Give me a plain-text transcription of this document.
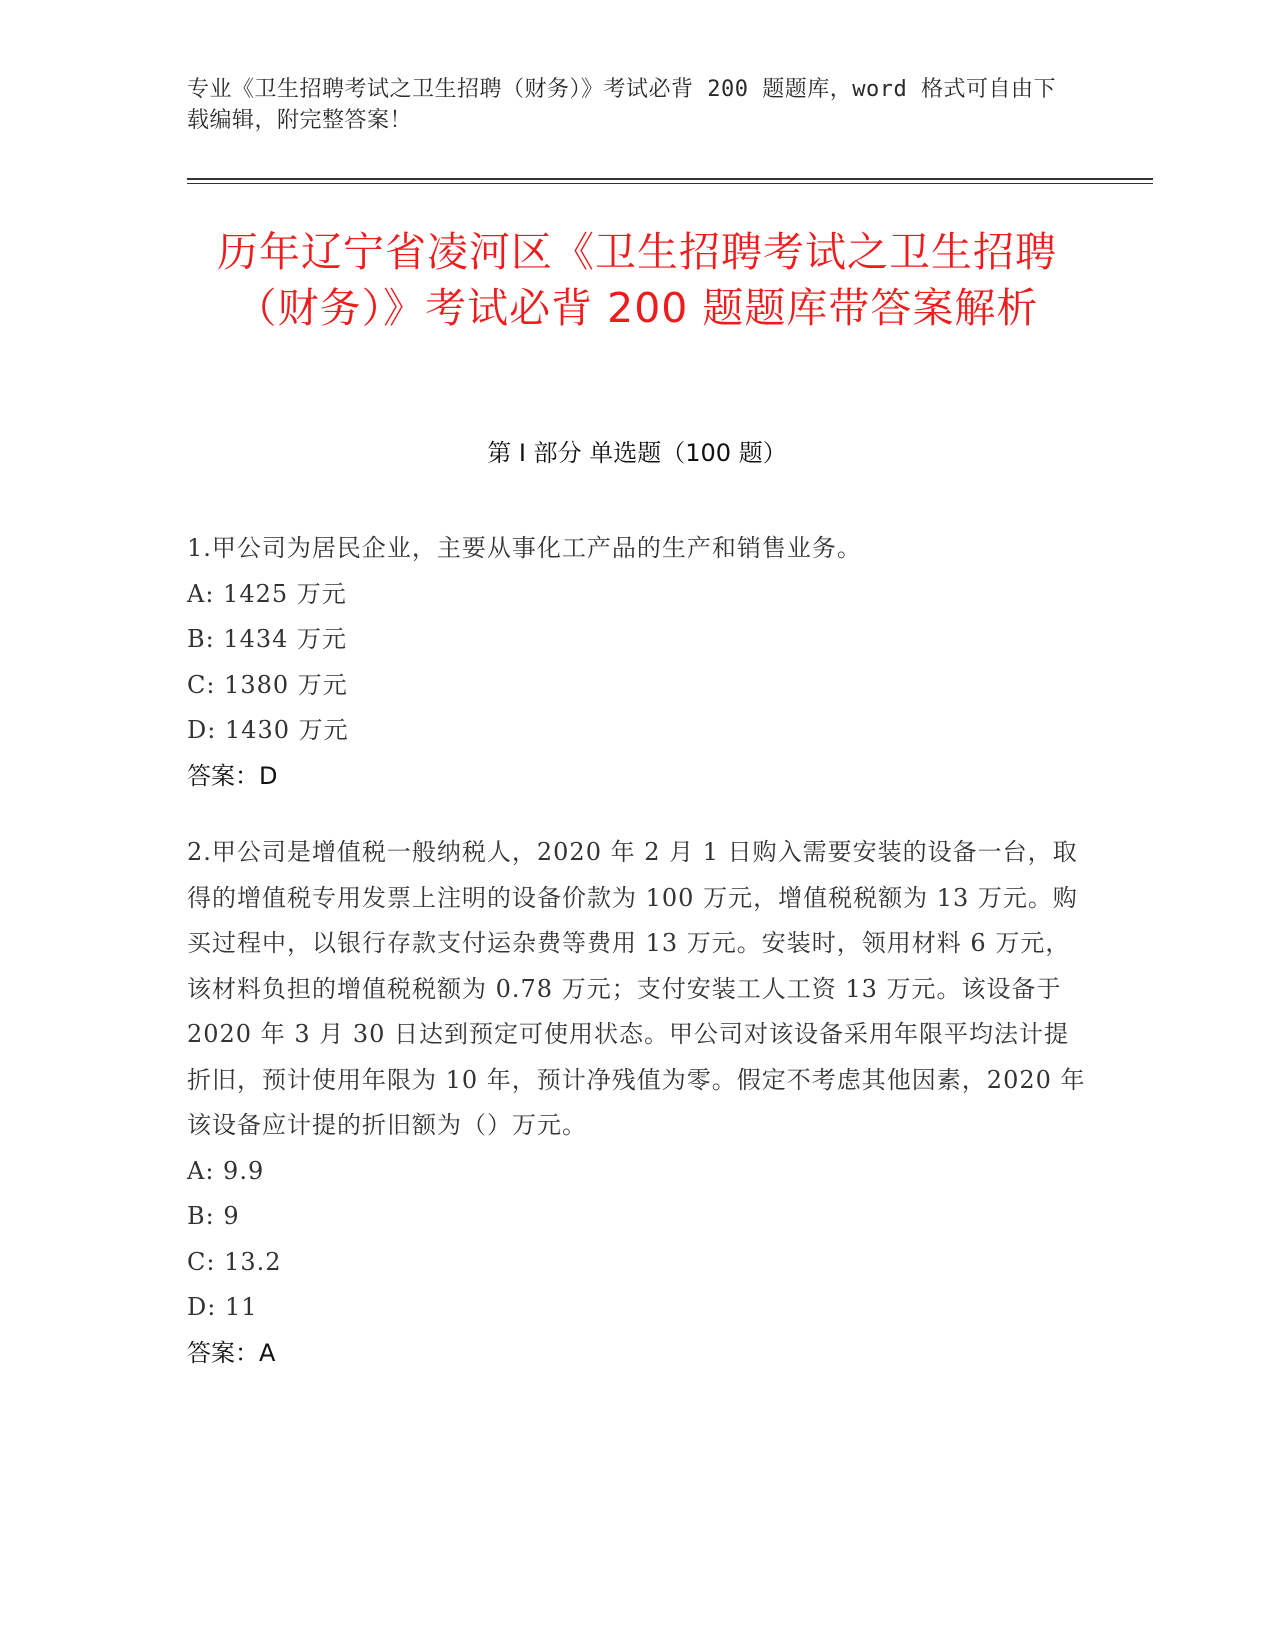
专业《卫生招聘考试之卫生招聘（财务）》考试必背 200 题题库，word 格式可自由下载编辑，附完整答案！
历年辽宁省凌河区《卫生招聘考试之卫生招聘（财务）》考试必背 200 题题库带答案解析
第 I 部分 单选题（100 题）
1.甲公司为居民企业，主要从事化工产品的生产和销售业务。
A: 1425 万元
B: 1434 万元
C: 1380 万元
D: 1430 万元
答案：D
2.甲公司是增值税一般纳税人，2020 年 2 月 1 日购入需要安装的设备一台，取得的增值税专用发票上注明的设备价款为 100 万元，增值税税额为 13 万元。购买过程中，以银行存款支付运杂费等费用 13 万元。安装时，领用材料 6 万元，该材料负担的增值税税额为 0.78 万元；支付安装工人工资 13 万元。该设备于 2020 年 3 月 30 日达到预定可使用状态。甲公司对该设备采用年限平均法计提折旧，预计使用年限为 10 年，预计净残值为零。假定不考虑其他因素，2020 年该设备应计提的折旧额为（）万元。
A: 9.9
B: 9
C: 13.2
D: 11
答案：A
